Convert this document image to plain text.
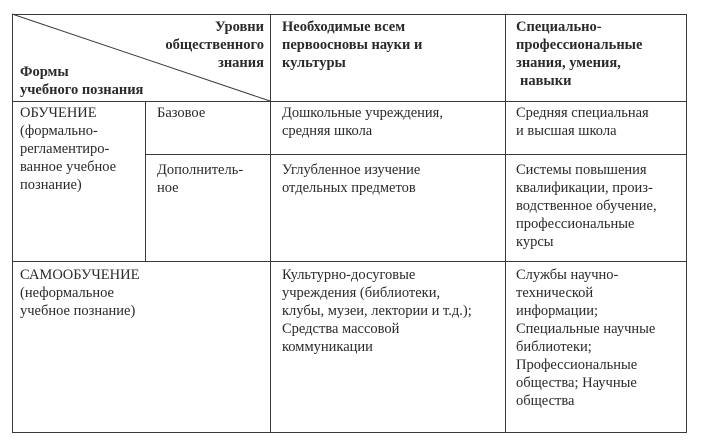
Уровни
общественного
знания
Формы
учебного познания
Необходимые всем
первоосновы науки и
культуры
Специально-
профессиональные
знания, умения,
навыки
ОБУЧЕНИЕ
(формально-
регламентиро-
ванное учебное
познание)
Базовое	Дошкольные учреждения,
средняя школа
Средняя специальная
и высшая школа
Дополнитель-
ное
Углубленное изучение
отдельных предметов
Системы повышения
квалификации, произ-
водственное обучение,
профессиональные
курсы
САМООБУЧЕНИЕ
(неформальное
учебное познание)
Культурно-досуговые
учреждения (библиотеки,
клубы, музеи, лектории и т.д.);
Средства массовой
коммуникации
Службы научно-
технической
информации;
Специальные научные
библиотеки;
Профессиональные
общества; Научные
общества
